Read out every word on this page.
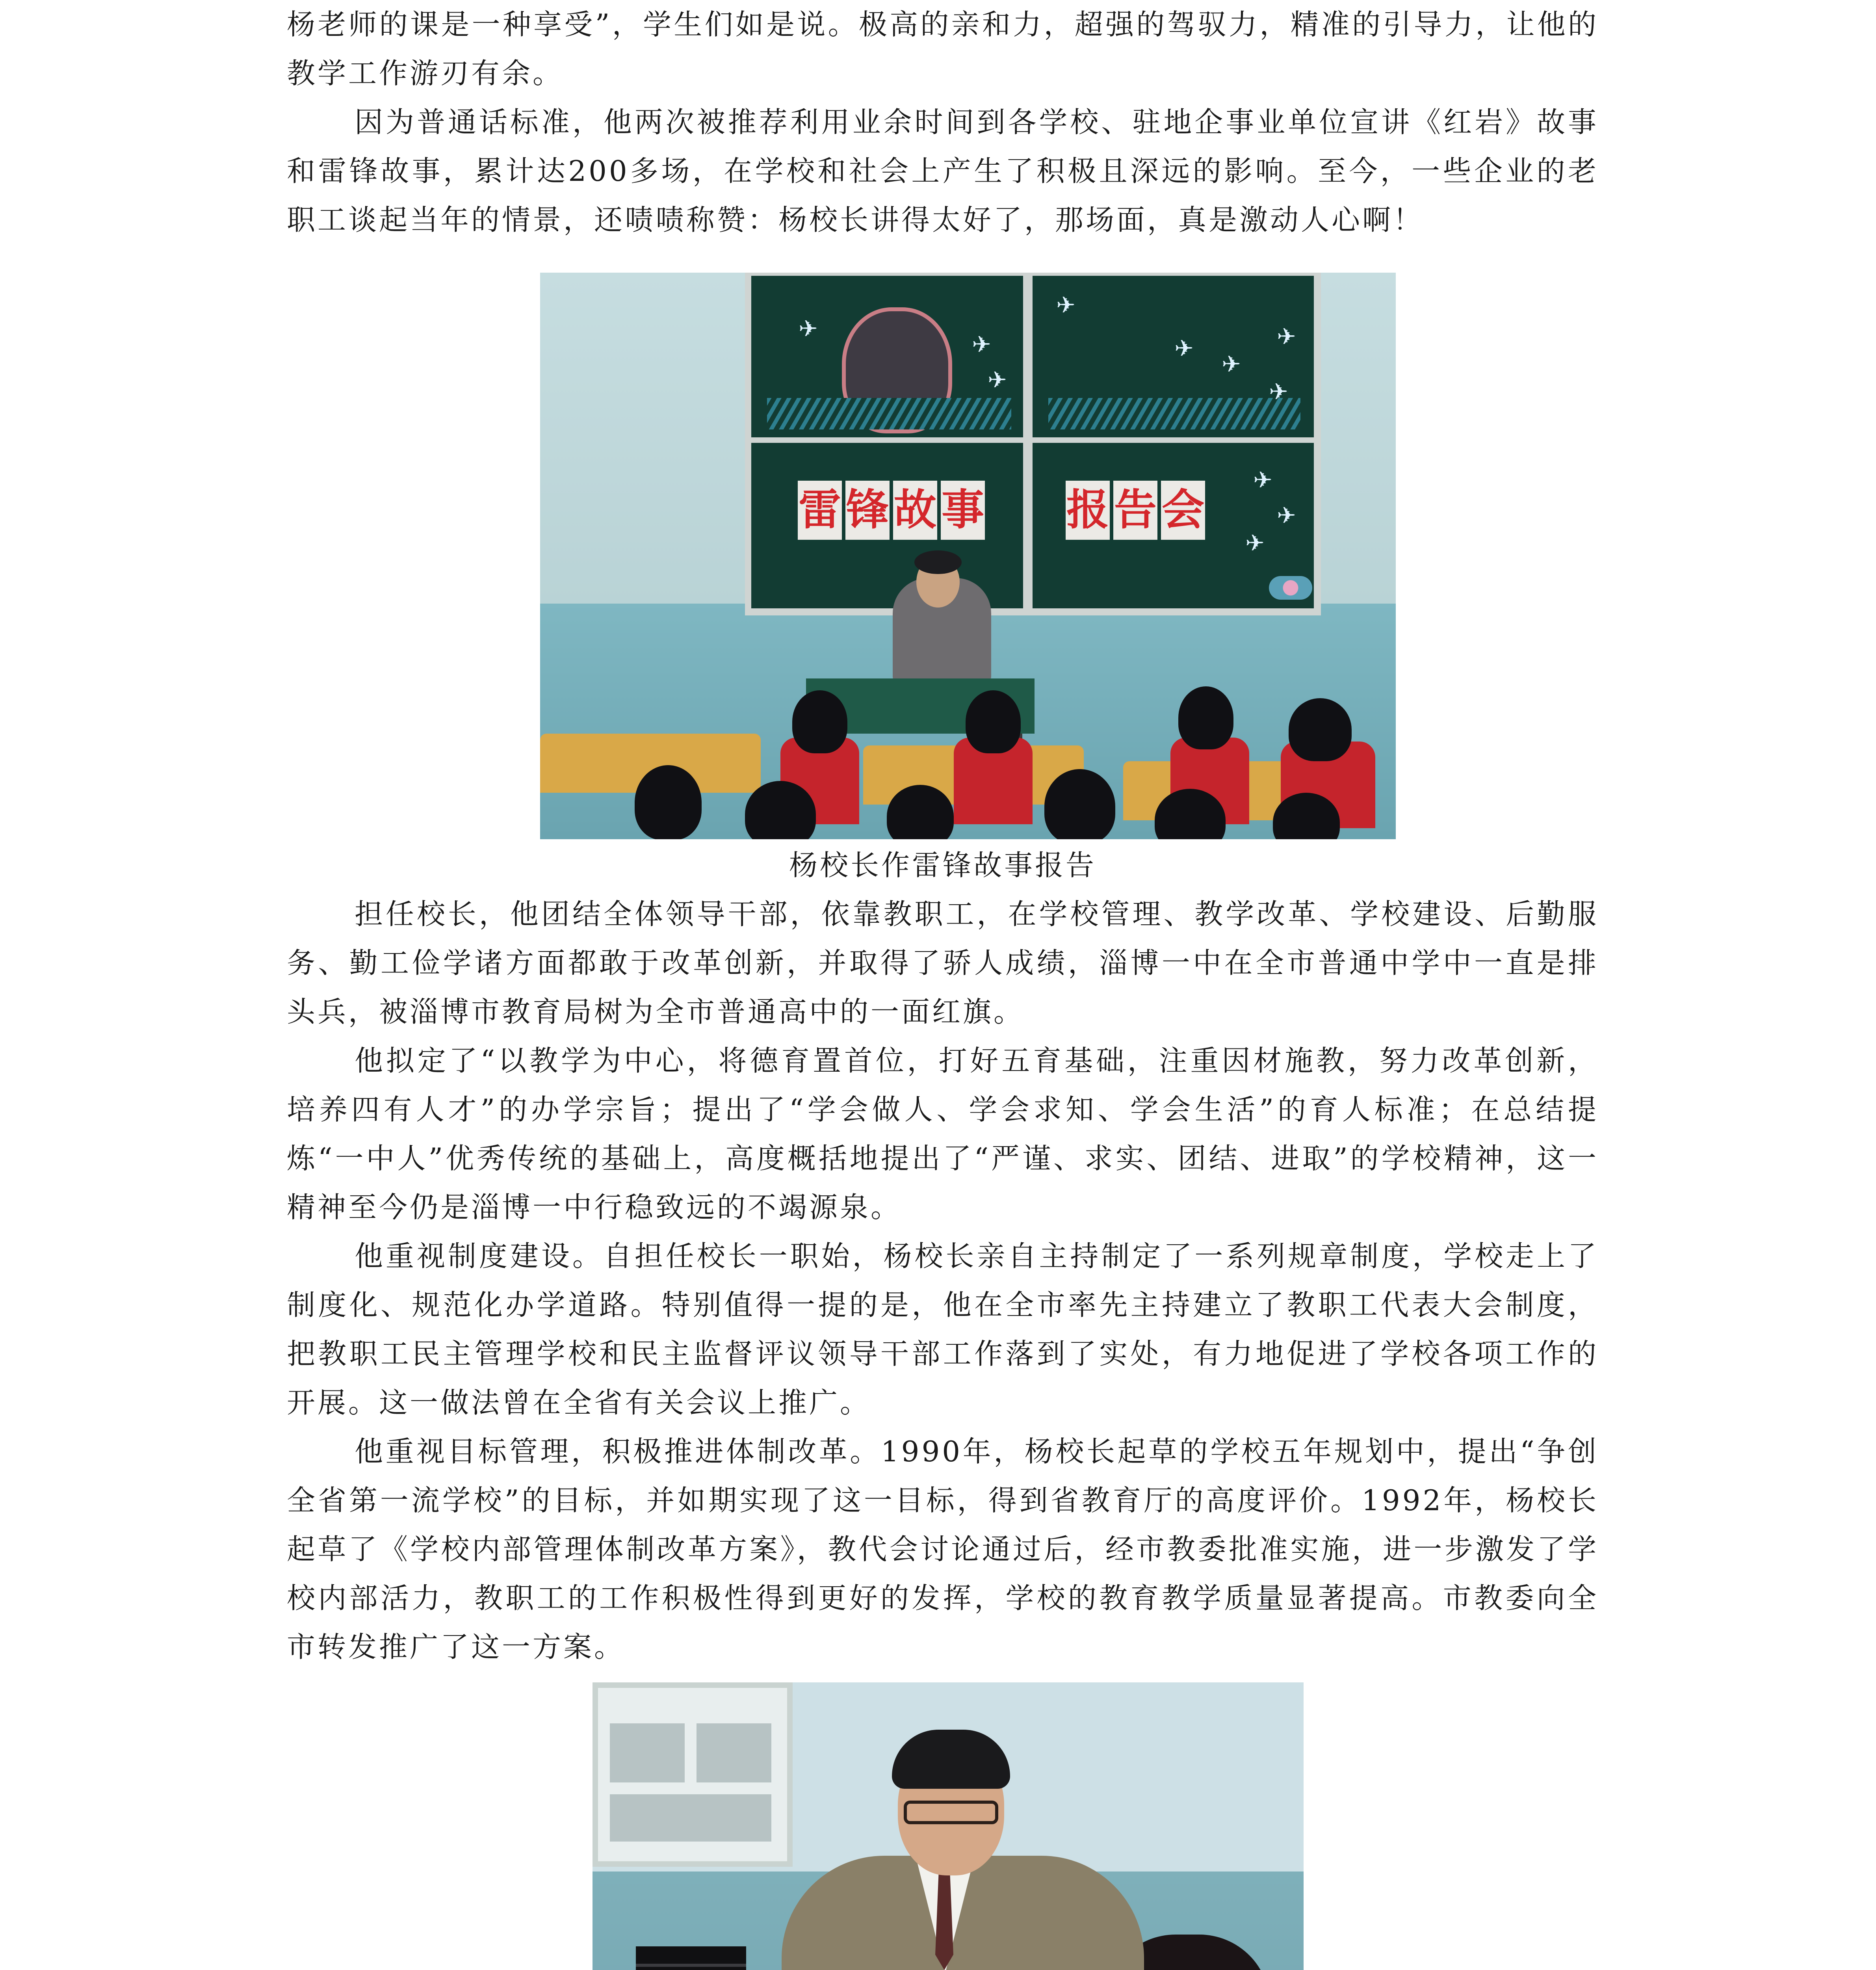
杨老师的课是一种享受”，学生们如是说。极高的亲和力，超强的驾驭力，精准的引导力，让他的教学工作游刃有余。

因为普通话标准，他两次被推荐利用业余时间到各学校、驻地企事业单位宣讲《红岩》故事和雷锋故事，累计达200多场，在学校和社会上产生了积极且深远的影响。至今，一些企业的老职工谈起当年的情景，还啧啧称赞：杨校长讲得太好了，那场面，真是激动人心啊！

✈
✈
✈
✈
✈
✈
✈
✈
✈
✈
✈
雷 锋 故 事 报 告 会
杨校长作雷锋故事报告

担任校长，他团结全体领导干部，依靠教职工，在学校管理、教学改革、学校建设、后勤服务、勤工俭学诸方面都敢于改革创新，并取得了骄人成绩，淄博一中在全市普通中学中一直是排头兵，被淄博市教育局树为全市普通高中的一面红旗。

他拟定了“以教学为中心，将德育置首位，打好五育基础，注重因材施教，努力改革创新，培养四有人才”的办学宗旨；提出了“学会做人、学会求知、学会生活”的育人标准；在总结提炼“一中人”优秀传统的基础上，高度概括地提出了“严谨、求实、团结、进取”的学校精神，这一精神至今仍是淄博一中行稳致远的不竭源泉。

他重视制度建设。自担任校长一职始，杨校长亲自主持制定了一系列规章制度，学校走上了制度化、规范化办学道路。特别值得一提的是，他在全市率先主持建立了教职工代表大会制度，把教职工民主管理学校和民主监督评议领导干部工作落到了实处，有力地促进了学校各项工作的开展。这一做法曾在全省有关会议上推广。

他重视目标管理，积极推进体制改革。1990年，杨校长起草的学校五年规划中，提出“争创全省第一流学校”的目标，并如期实现了这一目标，得到省教育厅的高度评价。1992年，杨校长起草了《学校内部管理体制改革方案》，教代会讨论通过后，经市教委批准实施，进一步激发了学校内部活力，教职工的工作积极性得到更好的发挥，学校的教育教学质量显著提高。市教委向全市转发推广了这一方案。
